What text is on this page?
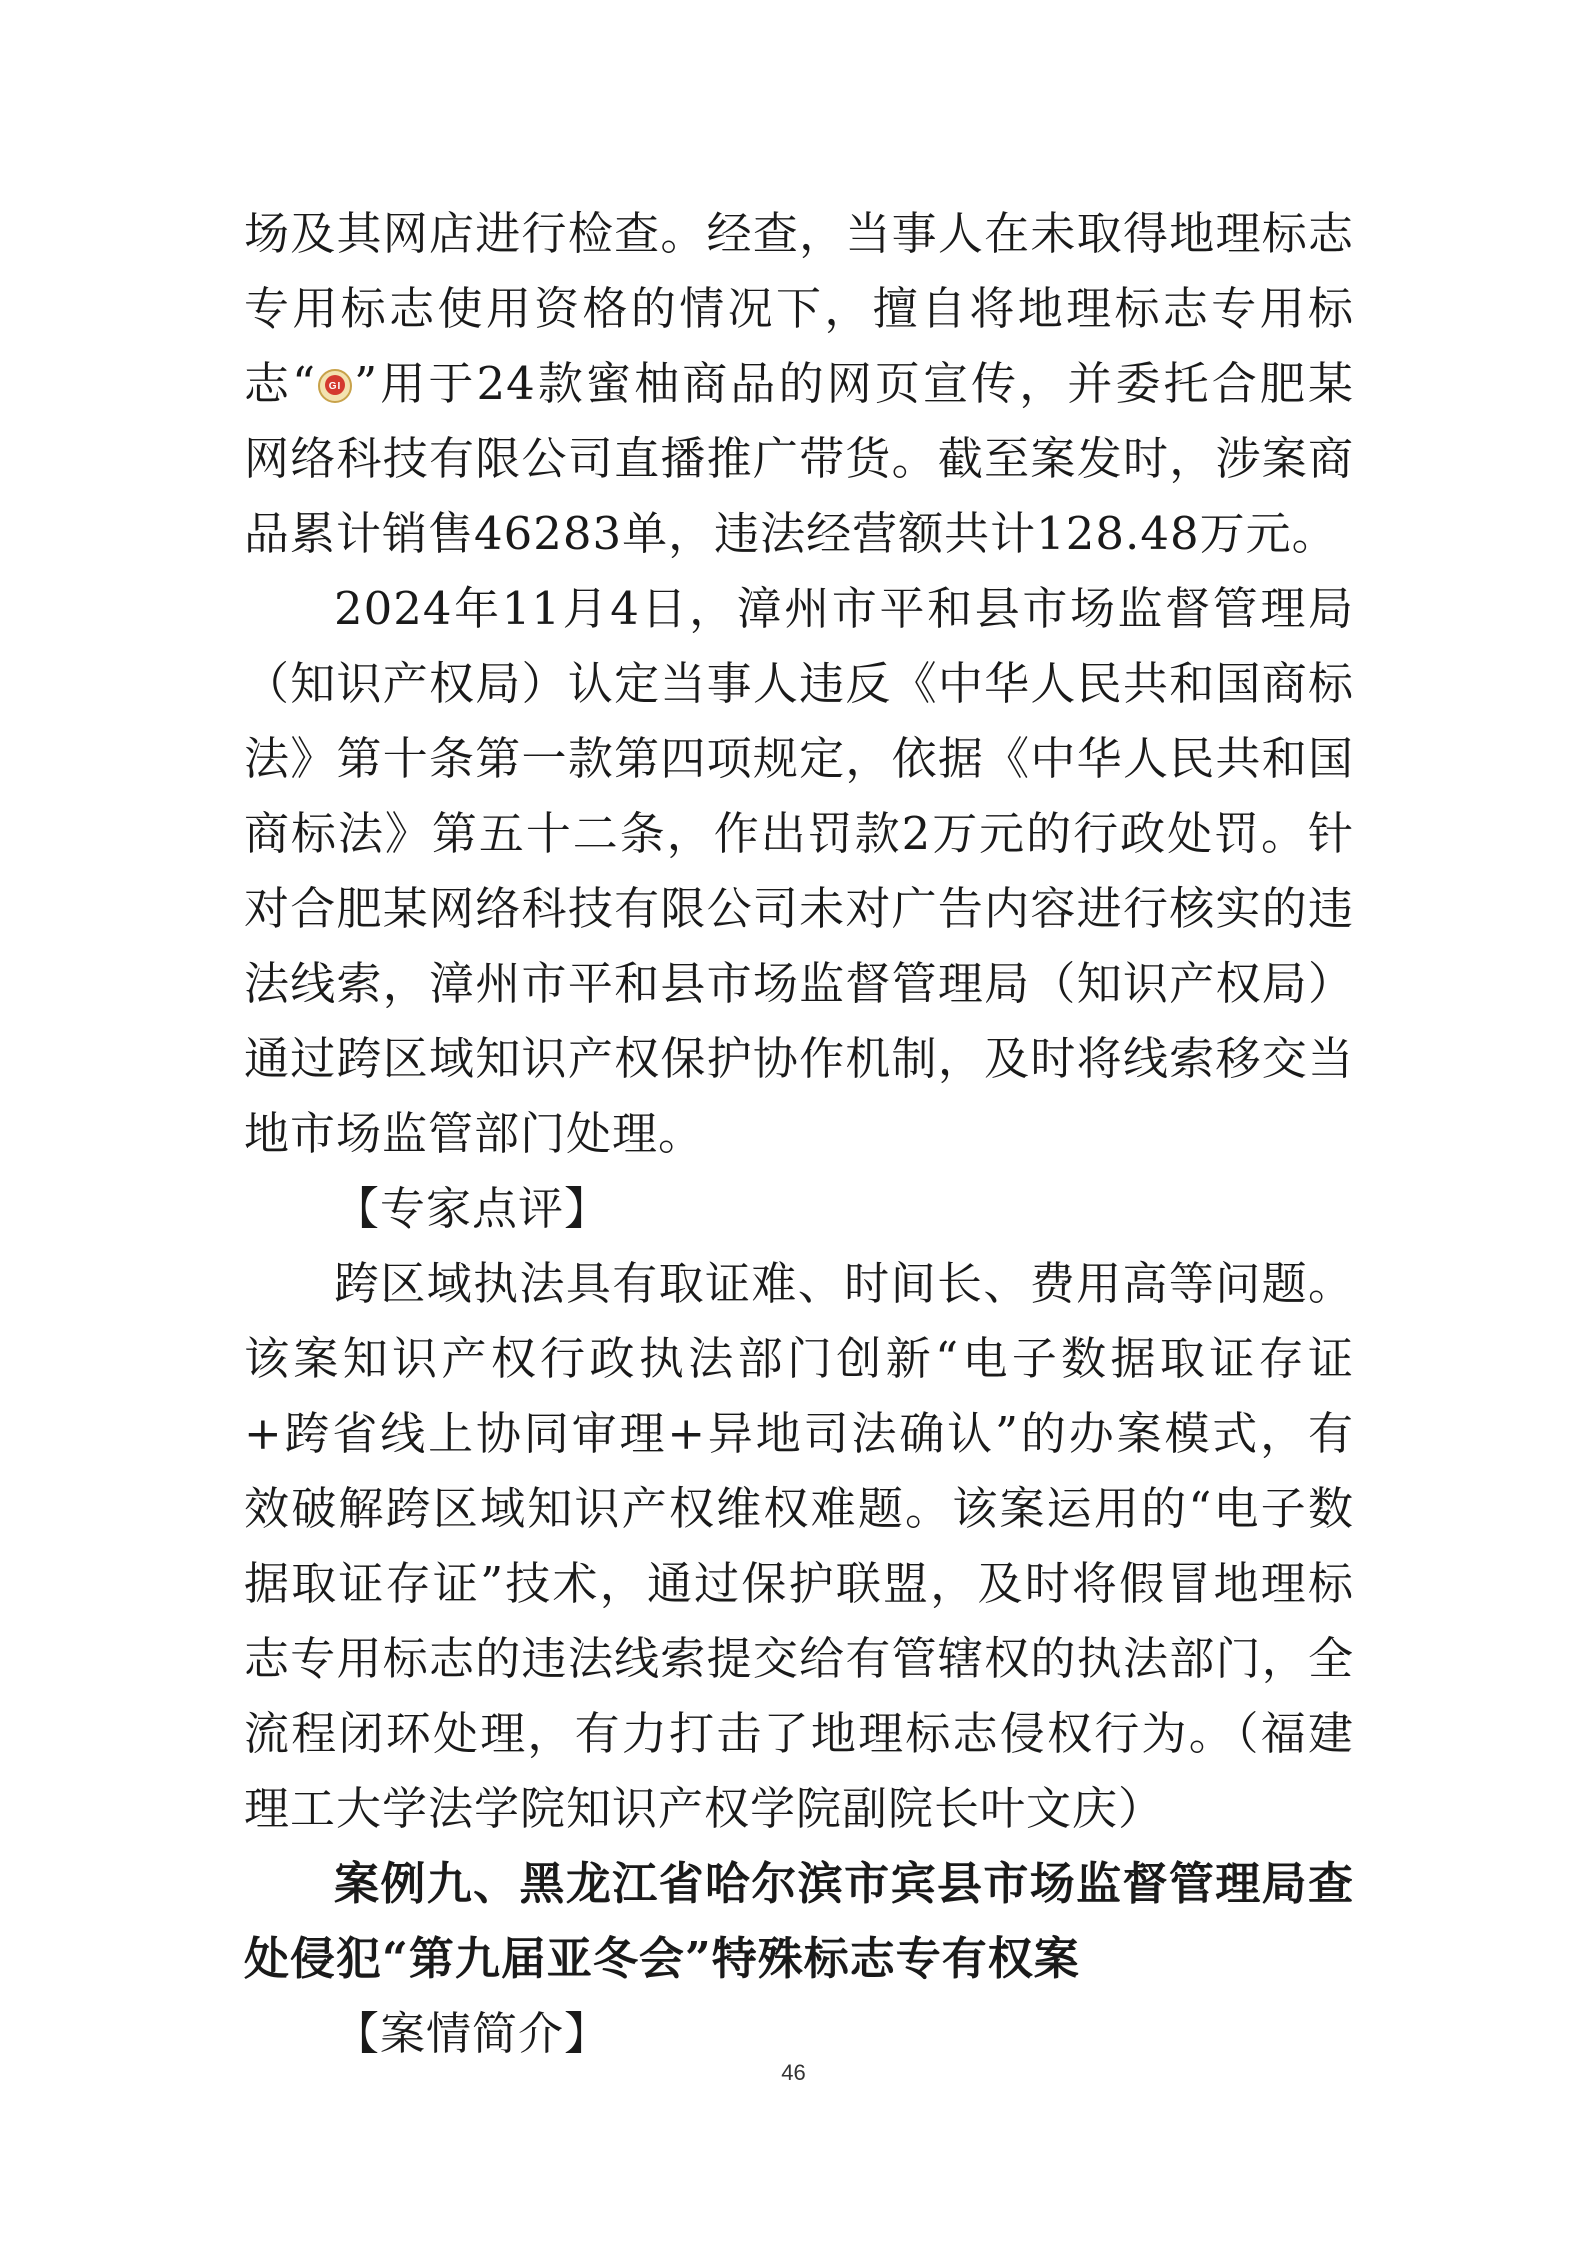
场及其网店进行检查。经查，当事人在未取得地理标志专用标志使用资格的情况下，擅自将地理标志专用标志“ GI ”用于24款蜜柚商品的网页宣传，并委托合肥某网络科技有限公司直播推广带货。截至案发时，涉案商品累计销售46283单，违法经营额共计128.48万元。

2024年11月4日，漳州市平和县市场监督管理局（知识产权局）认定当事人违反《中华人民共和国商标法》第十条第一款第四项规定，依据《中华人民共和国商标法》第五十二条，作出罚款2万元的行政处罚。针对合肥某网络科技有限公司未对广告内容进行核实的违法线索，漳州市平和县市场监督管理局（知识产权局）通过跨区域知识产权保护协作机制，及时将线索移交当地市场监管部门处理。

【专家点评】

跨区域执法具有取证难、时间长、费用高等问题。该案知识产权行政执法部门创新“电子数据取证存证+跨省线上协同审理+异地司法确认”的办案模式，有效破解跨区域知识产权维权难题。该案运用的“电子数据取证存证”技术，通过保护联盟，及时将假冒地理标志专用标志的违法线索提交给有管辖权的执法部门，全流程闭环处理，有力打击了地理标志侵权行为。（福建理工大学法学院知识产权学院副院长叶文庆）

案例九、黑龙江省哈尔滨市宾县市场监督管理局查处侵犯“第九届亚冬会”特殊标志专有权案

【案情简介】

46
